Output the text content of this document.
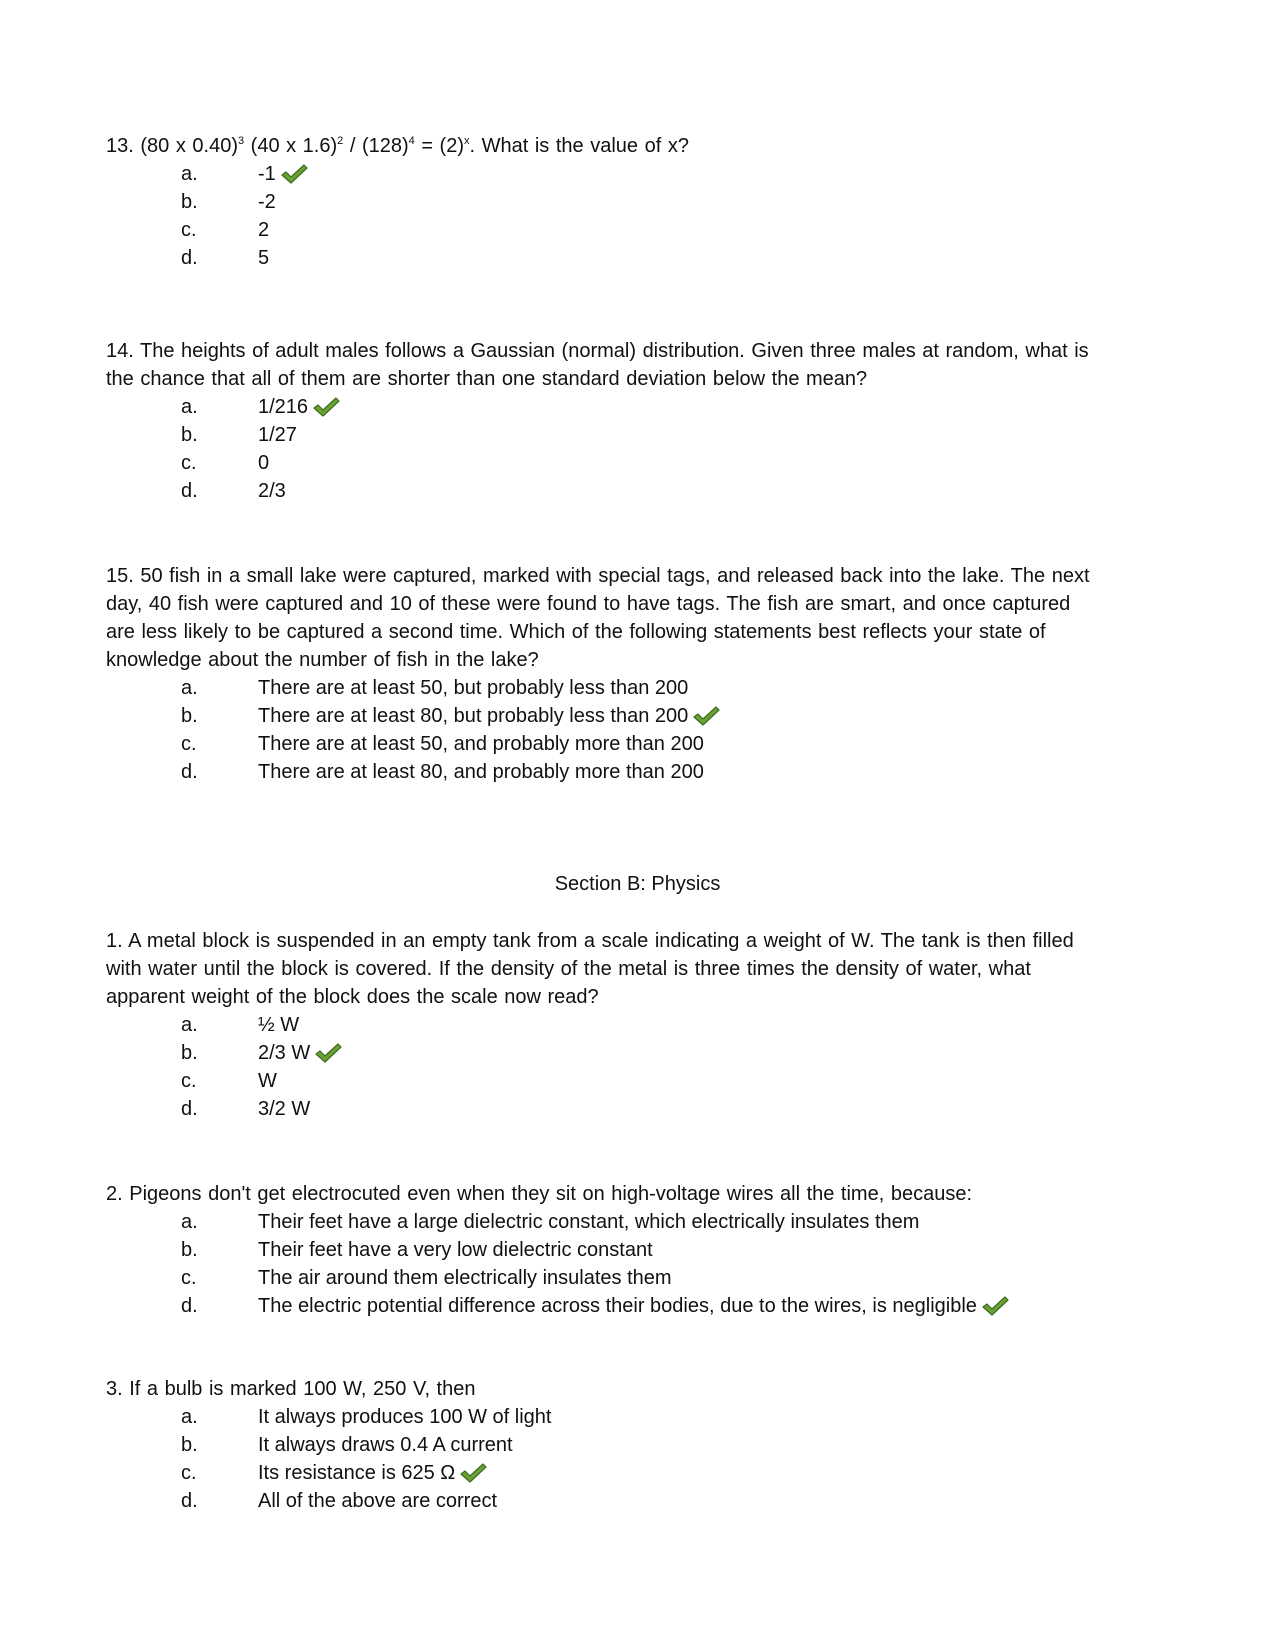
13. (80 x 0.40)$^3$ (40 x $1.6)^2 / (128)^4 = (2)^x$. What is the value of x?
a.	-1
b.	-2
c.	2
d.	5
14. The heights of adult males follows a Gaussian (normal) distribution. Given three males at random, what is
the chance that all of them are shorter than one standard deviation below the mean?
a.	1/216
b.	1/27
c.	0
d.	2/3
15. 50 fish in a small lake were captured, marked with special tags, and released back into the lake. The next
day, 40 fish were captured and 10 of these were found to have tags. The fish are smart, and once captured
are less likely to be captured a second time. Which of the following statements best reflects your state of
knowledge about the number of fish in the lake?
a.	There are at least 50, but probably less than 200
b.	There are at least 80, but probably less than 200
c.	There are at least 50, and probably more than 200
d.	There are at least 80, and probably more than 200
Section B: Physics
1. A metal block is suspended in an empty tank from a scale indicating a weight of W. The tank is then filled
with water until the block is covered. If the density of the metal is three times the density of water, what
apparent weight of the block does the scale now read?
a.	½ W
b.	2/3 W
c.	W
d.	3/2 W
2. Pigeons don't get electrocuted even when they sit on high-voltage wires all the time, because:
a.	Their feet have a large dielectric constant, which electrically insulates them
b.	Their feet have a very low dielectric constant
c.	The air around them electrically insulates them
d.	The electric potential difference across their bodies, due to the wires, is negligible
3. If a bulb is marked 100 W, 250 V, then
a.	It always produces 100 W of light
b.	It always draws 0.4 A current
c.	Its resistance is 625 Ω
d.	All of the above are correct
